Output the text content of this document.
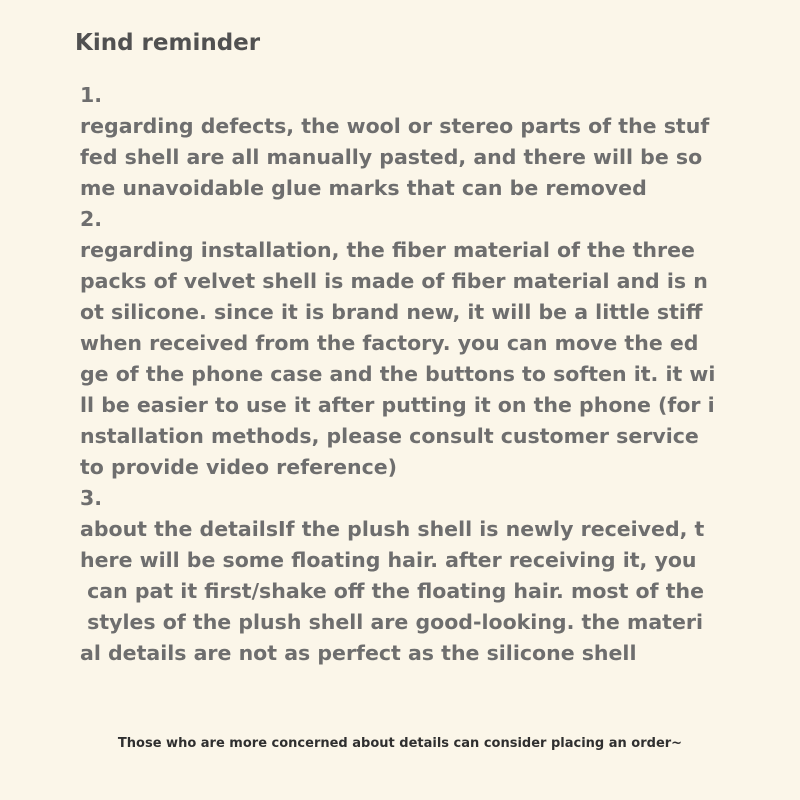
Kind reminder
1.
regarding defects, the wool or stereo parts of the stuf
fed shell are all manually pasted, and there will be so
me unavoidable glue marks that can be removed
2.
regarding installation, the fiber material of the three
packs of velvet shell is made of fiber material and is n
ot silicone. since it is brand new, it will be a little stiff
when received from the factory. you can move the ed
ge of the phone case and the buttons to soften it. it wi
ll be easier to use it after putting it on the phone (for i
nstallation methods, please consult customer service
to provide video reference)
3.
about the detailsIf the plush shell is newly received, t
here will be some floating hair. after receiving it, you
can pat it first/shake off the floating hair. most of the
styles of the plush shell are good-looking. the materi
al details are not as perfect as the silicone shell
Those who are more concerned about details can consider placing an order~
